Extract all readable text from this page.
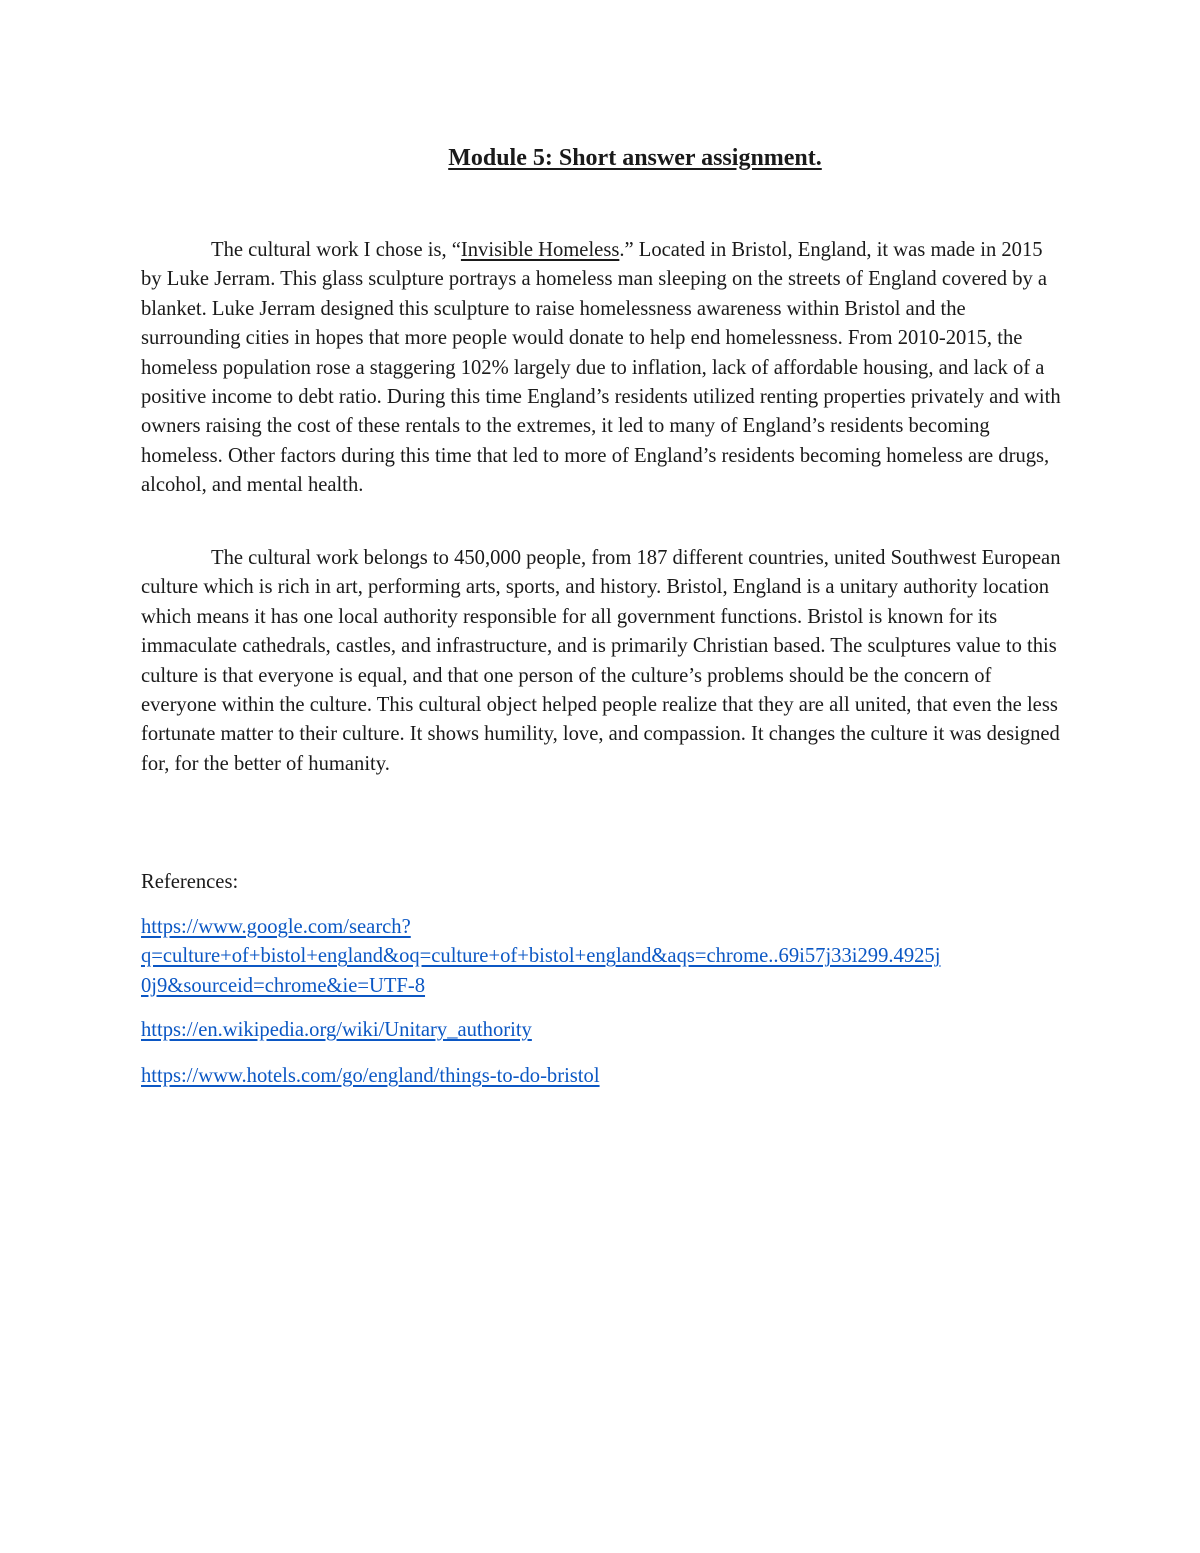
Module 5: Short answer assignment.
The cultural work I chose is, “Invisible Homeless.” Located in Bristol, England, it was made in 2015 by Luke Jerram. This glass sculpture portrays a homeless man sleeping on the streets of England covered by a blanket. Luke Jerram designed this sculpture to raise homelessness awareness within Bristol and the surrounding cities in hopes that more people would donate to help end homelessness. From 2010-2015, the homeless population rose a staggering 102% largely due to inflation, lack of affordable housing, and lack of a positive income to debt ratio. During this time England’s residents utilized renting properties privately and with owners raising the cost of these rentals to the extremes, it led to many of England’s residents becoming homeless. Other factors during this time that led to more of England’s residents becoming homeless are drugs, alcohol, and mental health.
The cultural work belongs to 450,000 people, from 187 different countries, united Southwest European culture which is rich in art, performing arts, sports, and history. Bristol, England is a unitary authority location which means it has one local authority responsible for all government functions. Bristol is known for its immaculate cathedrals, castles, and infrastructure, and is primarily Christian based. The sculptures value to this culture is that everyone is equal, and that one person of the culture’s problems should be the concern of everyone within the culture. This cultural object helped people realize that they are all united, that even the less fortunate matter to their culture. It shows humility, love, and compassion. It changes the culture it was designed for, for the better of humanity.
References:
https://www.google.com/search?
q=culture+of+bistol+england&oq=culture+of+bistol+england&aqs=chrome..69i57j33i299.4925j
0j9&sourceid=chrome&ie=UTF-8
https://en.wikipedia.org/wiki/Unitary_authority
https://www.hotels.com/go/england/things-to-do-bristol
